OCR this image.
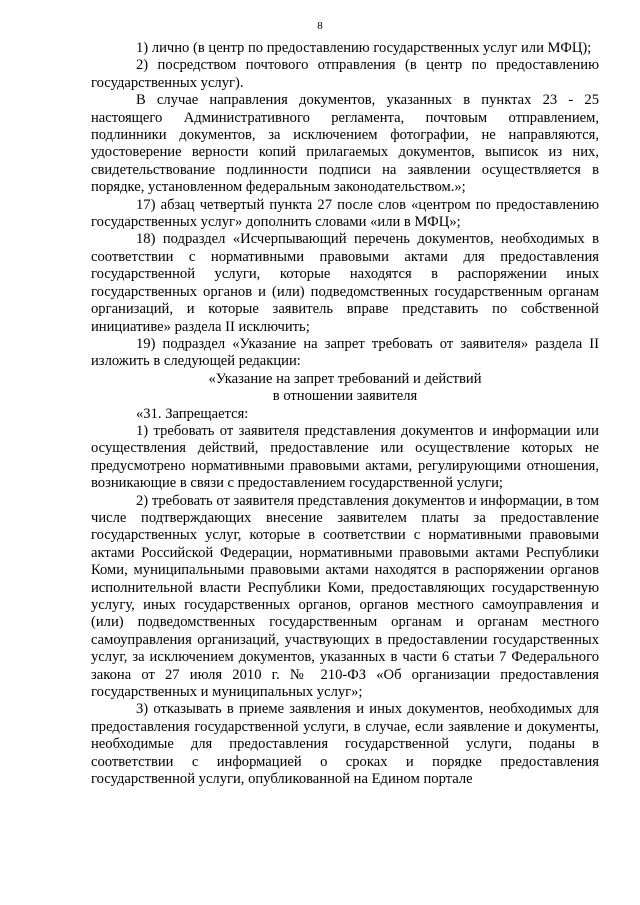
8

1) лично (в центр по предоставлению государственных услуг или МФЦ);

2) посредством почтового отправления (в центр по предоставлению государственных услуг).

В случае направления документов, указанных в пунктах 23 - 25 настоящего Административного регламента, почтовым отправлением, подлинники документов, за исключением фотографии, не направляются, удостоверение верности копий прилагаемых документов, выписок из них, свидетельствование подлинности подписи на заявлении осуществляется в порядке, установленном федеральным законодательством.»;

17) абзац четвертый пункта 27 после слов «центром по предоставлению государственных услуг» дополнить словами «или в МФЦ»;

18) подраздел «Исчерпывающий перечень документов, необходимых в соответствии с нормативными правовыми актами для предоставления государственной услуги, которые находятся в распоряжении иных государственных органов и (или) подведомственных государственным органам организаций, и которые заявитель вправе представить по собственной инициативе» раздела II исключить;

19) подраздел «Указание на запрет требовать от заявителя» раздела II изложить в следующей редакции:

«Указание на запрет требований и действий

в отношении заявителя

«31. Запрещается:

1) требовать от заявителя представления документов и информации или осуществления действий, предоставление или осуществление которых не предусмотрено нормативными правовыми актами, регулирующими отношения, возникающие в связи с предоставлением государственной услуги;

2) требовать от заявителя представления документов и информации, в том числе подтверждающих внесение заявителем платы за предоставление государственных услуг, которые в соответствии с нормативными правовыми актами Российской Федерации, нормативными правовыми актами Республики Коми, муниципальными правовыми актами находятся в распоряжении органов исполнительной власти Республики Коми, предоставляющих государственную услугу, иных государственных органов, органов местного самоуправления и (или) подведомственных государственным органам и органам местного самоуправления организаций, участвующих в предоставлении государственных услуг, за исключением документов, указанных в части 6 статьи 7 Федерального закона от 27 июля 2010 г. № 210-ФЗ «Об организации предоставления государственных и муниципальных услуг»;

3) отказывать в приеме заявления и иных документов, необходимых для предоставления государственной услуги, в случае, если заявление и документы, необходимые для предоставления государственной услуги, поданы в соответствии с информацией о сроках и порядке предоставления государственной услуги, опубликованной на Едином портале
